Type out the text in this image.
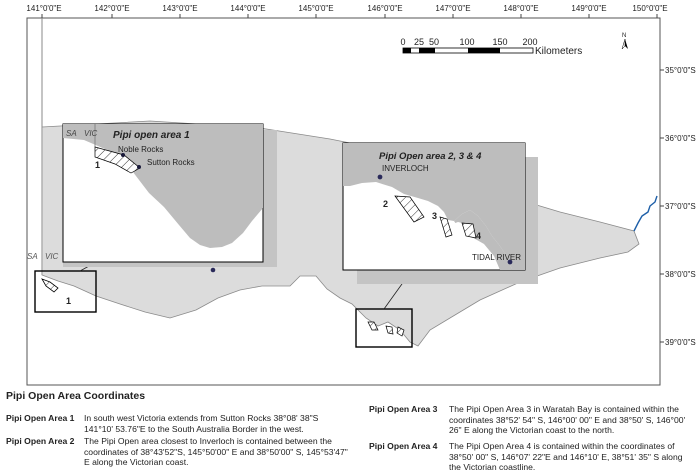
141°0'0"E	142°0'0"E	143°0'0"E	144°0'0"E	145°0'0"E	146°0'0"E	147°0'0"E	148°0'0"E	149°0'0"E	150°0'0"E
35°0'0"S
36°0'0"S
37°0'0"S
38°0'0"S
39°0'0"S
1
SA VIC
SA VIC Pipi open area 1
Noble Rocks
Sutton Rocks
1
Pipi Open area 2, 3 & 4
INVERLOCH
2
3
4
TIDAL RIVER
0 25 50 100 150 200
Kilometers
N
Pipi Open Area Coordinates
Pipi Open Area 1 In south west Victoria extends from Sutton Rocks 38°08' 38"S 141°10' 53.76"E to the South Australia Border in the west.
Pipi Open Area 2 The Pipi Open area closest to Inverloch is contained between the coordinates of 38°43'52"S, 145°50'00" E and 38°50'00" S, 145°53'47" E along the Victorian coast.
Pipi Open Area 3 The Pipi Open Area 3 in Waratah Bay is contained within the coordinates 38°52' 54" S, 146°00' 00" E and 38°50' S, 146°00' 26" E along the Victorian coast to the north.
Pipi Open Area 4 The Pipi Open Area 4 is contained within the coordinates of 38°50' 00" S, 146°07' 22"E and 146°10' E, 38°51' 35" S along the Victorian coastline.
